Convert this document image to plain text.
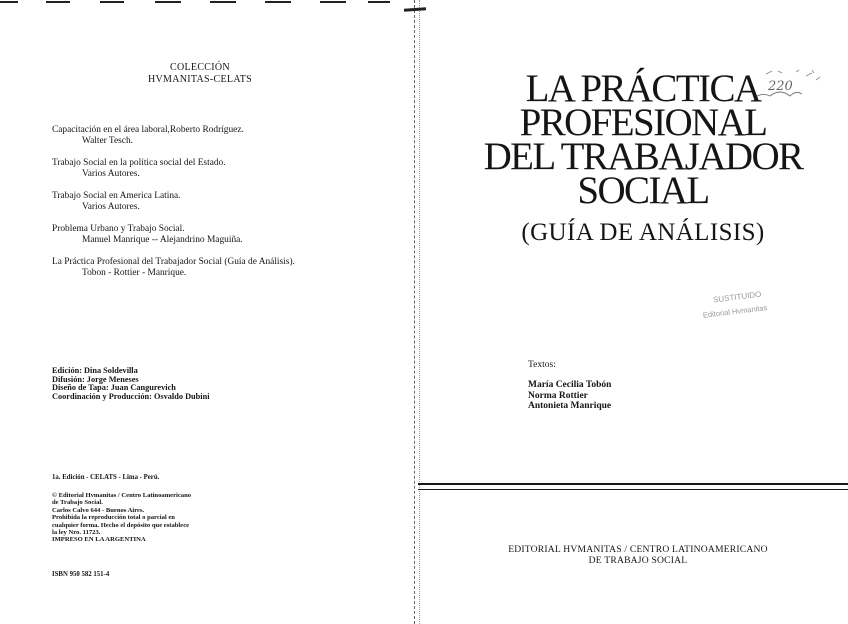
COLECCIÓN
HVMANITAS-CELATS
Capacitación en el área laboral,Roberto Rodríguez.
Walter Tesch.
Trabajo Social en la política social del Estado.
Varios Autores.
Trabajo Social en America Latina.
Varios Autores.
Problema Urbano y Trabajo Social.
Manuel Manrique -- Alejandrino Maguiña.
La Práctica Profesional del Trabajador Social (Guía de Análisis).
Tobon - Rottier - Manrique.
Edición: Dina Soldevilla
Difusión: Jorge Meneses
Diseño de Tapa: Juan Cangurevich
Coordinación y Producción: Osvaldo Dubini
1a. Edición - CELATS - Lima - Perú.
© Editorial Hvmanitas / Centro Latinoamericano
de Trabajo Social.
Carlos Calvo 644 - Buenos Aires.
Prohibida la reproducción total o parcial en
cualquier forma. Hecho el depósito que establece
la ley Nro. 11723.
IMPRESO EN LA ARGENTINA
ISBN 950 582 151-4
220
LA PRÁCTICA
PROFESIONAL
DEL TRABAJADOR
SOCIAL
(GUÍA DE ANÁLISIS)
SUSTITUIDO
Editorial Hvmanitas
Textos:
María Cecilia Tobón
Norma Rottier
Antonieta Manrique
EDITORIAL HVMANITAS / CENTRO LATINOAMERICANO
DE TRABAJO SOCIAL
